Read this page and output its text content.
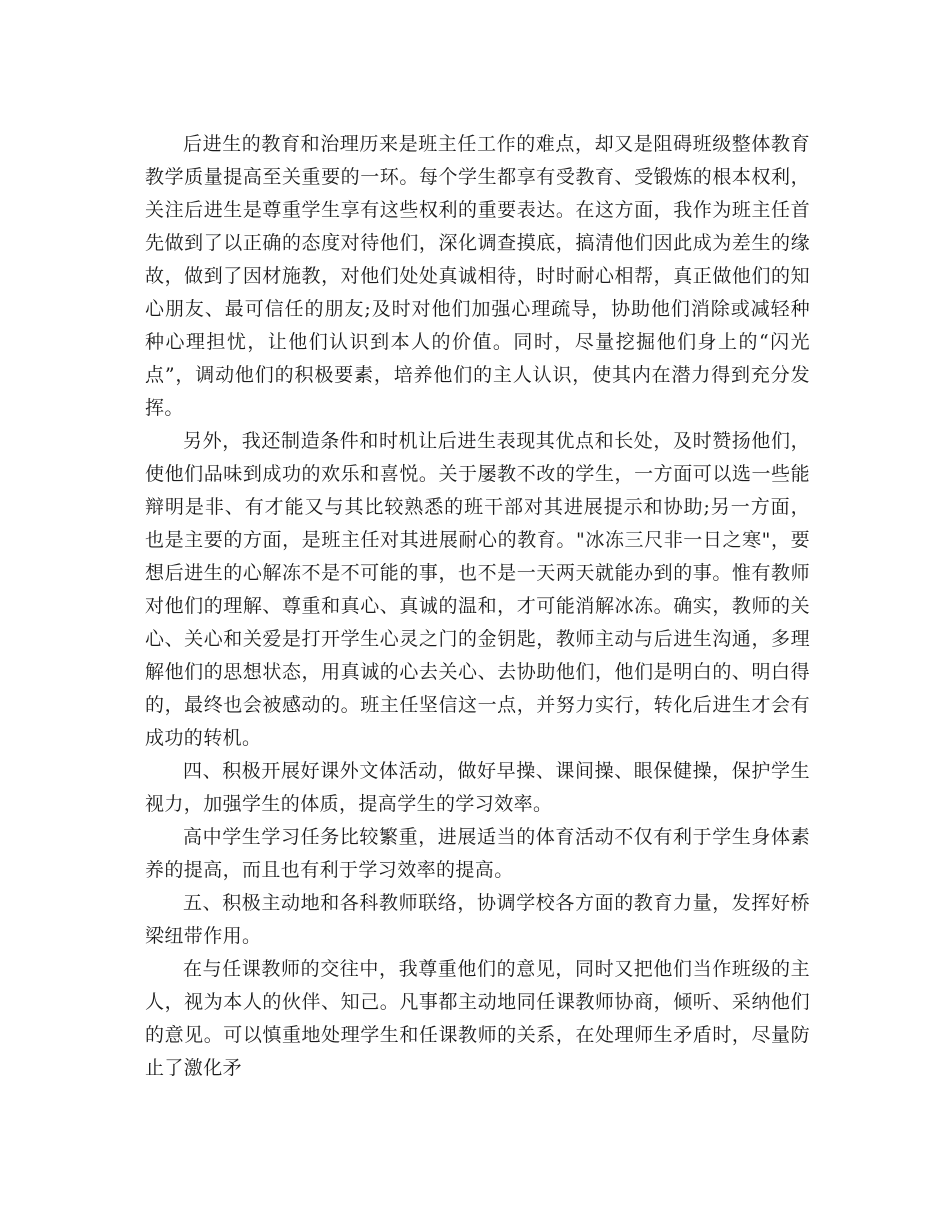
后进生的教育和治理历来是班主任工作的难点，却又是阻碍班级整体教育教学质量提高至关重要的一环。每个学生都享有受教育、受锻炼的根本权利，关注后进生是尊重学生享有这些权利的重要表达。在这方面，我作为班主任首先做到了以正确的态度对待他们，深化调查摸底，搞清他们因此成为差生的缘故，做到了因材施教，对他们处处真诚相待，时时耐心相帮，真正做他们的知心朋友、最可信任的朋友;及时对他们加强心理疏导，协助他们消除或减轻种种心理担忧，让他们认识到本人的价值。同时，尽量挖掘他们身上的“闪光点”，调动他们的积极要素，培养他们的主人认识，使其内在潜力得到充分发挥。

另外，我还制造条件和时机让后进生表现其优点和长处，及时赞扬他们，使他们品味到成功的欢乐和喜悦。关于屡教不改的学生，一方面可以选一些能辩明是非、有才能又与其比较熟悉的班干部对其进展提示和协助;另一方面，也是主要的方面，是班主任对其进展耐心的教育。"冰冻三尺非一日之寒"，要想后进生的心解冻不是不可能的事，也不是一天两天就能办到的事。惟有教师对他们的理解、尊重和真心、真诚的温和，才可能消解冰冻。确实，教师的关心、关心和关爱是打开学生心灵之门的金钥匙，教师主动与后进生沟通，多理解他们的思想状态，用真诚的心去关心、去协助他们，他们是明白的、明白得的，最终也会被感动的。班主任坚信这一点，并努力实行，转化后进生才会有成功的转机。

四、积极开展好课外文体活动，做好早操、课间操、眼保健操，保护学生视力，加强学生的体质，提高学生的学习效率。

高中学生学习任务比较繁重，进展适当的体育活动不仅有利于学生身体素养的提高，而且也有利于学习效率的提高。

五、积极主动地和各科教师联络，协调学校各方面的教育力量，发挥好桥梁纽带作用。

在与任课教师的交往中，我尊重他们的意见，同时又把他们当作班级的主人，视为本人的伙伴、知己。凡事都主动地同任课教师协商，倾听、采纳他们的意见。可以慎重地处理学生和任课教师的关系，在处理师生矛盾时，尽量防止了激化矛
